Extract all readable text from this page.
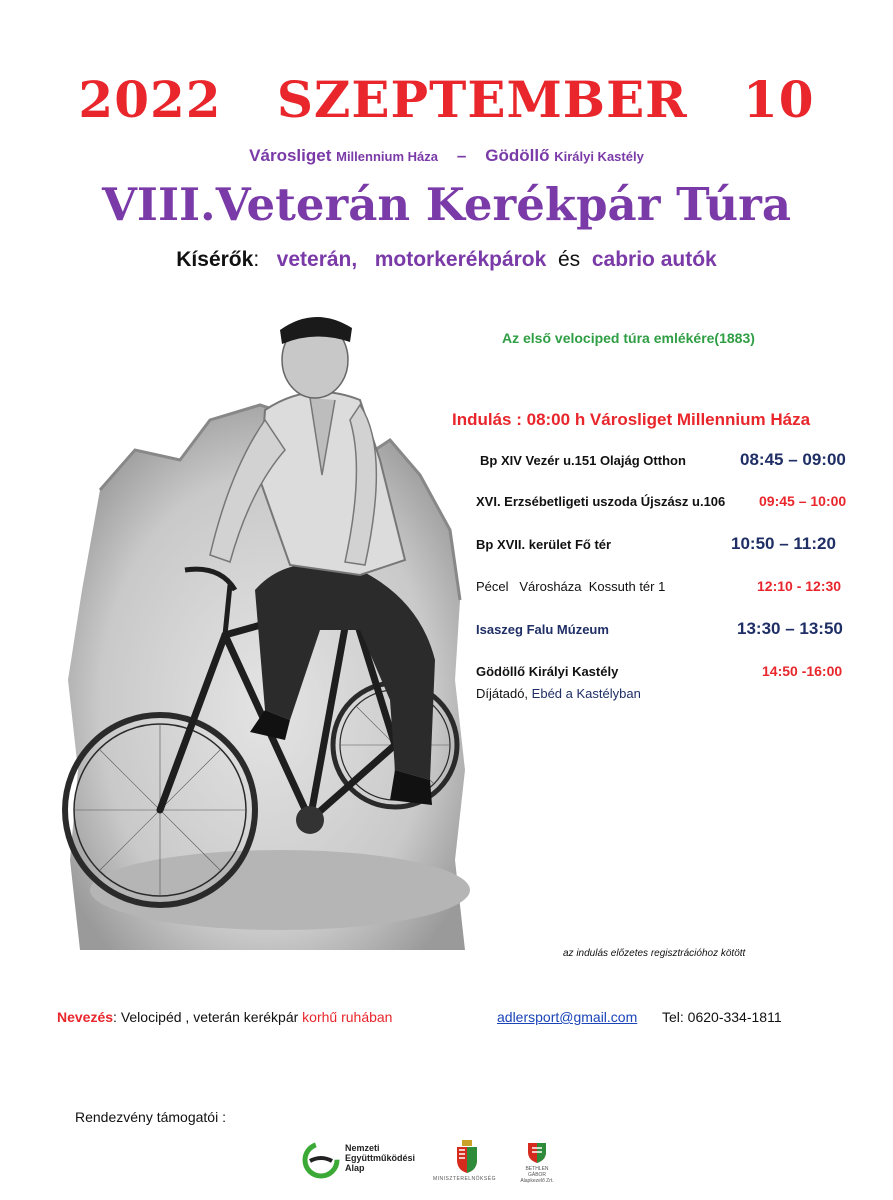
2022 SZEPTEMBER 10
Városliget Millennium Háza – Gödöllő Királyi Kastély
VIII.Veterán Kerékpár Túra
Kísérők: veterán, motorkerékpárok és cabrio autók
Az első velociped túra emlékére(1883)
Indulás : 08:00 h Városliget Millennium Háza
Bp XIV Vezér u.151 Olajág Otthon	08:45 – 09:00
XVI. Erzsébetligeti uszoda Újszász u.106 09:45 – 10:00
Bp XVII. kerület Fő tér	10:50 – 11:20
Pécel   Városháza  Kossuth tér 1	12:10 - 12:30
Isaszeg Falu Múzeum	13:30 – 13:50
Gödöllő Királyi Kastély	14:50 -16:00
Díjátadó, Ebéd a Kastélyban
az indulás előzetes regisztrációhoz kötött
Nevezés: Velocipéd , veterán kerékpár korhű ruhában	adlersport@gmail.com Tel: 0620-334-1811
Rendezvény támogatói :
Nemzeti
Együttműködési
Alap
MINISZTERELNÖKSÉG
BETHLEN GÁBOR
Alapkezelő Zrt.
